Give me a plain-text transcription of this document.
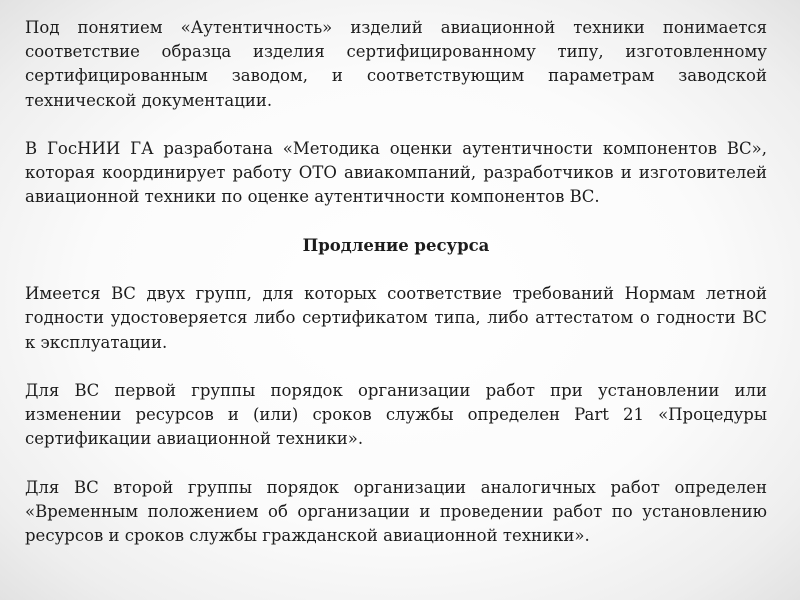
Под понятием «Аутентичность» изделий авиационной техники понимается соответствие образца изделия сертифицированному типу, изготовленному сертифицированным заводом, и соответствующим параметрам заводской технической документации.

В ГосНИИ ГА разработана «Методика оценки аутентичности компонентов ВС», которая координирует работу ОТО авиакомпаний, разработчиков и изготовителей авиационной техники по оценке аутентичности компонентов ВС.

Продление ресурса

Имеется ВС двух групп, для которых соответствие требований Нормам летной годности удостоверяется либо сертификатом типа, либо аттестатом о годности ВС к эксплуатации.

Для ВС первой группы порядок организации работ при установлении или изменении ресурсов и (или) сроков службы определен Part 21 «Процедуры сертификации авиационной техники».

Для ВС второй группы порядок организации аналогичных работ определен «Временным положением об организации и проведении работ по установлению ресурсов и сроков службы гражданской авиационной техники».
